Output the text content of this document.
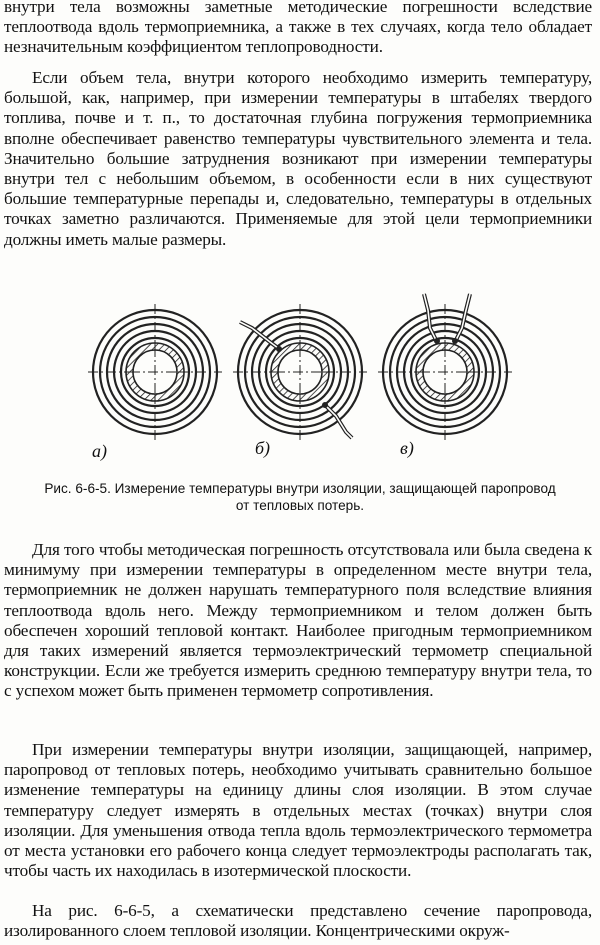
внутри тела возможны заметные методические погрешности вследствие теплоотвода вдоль термоприемника, а также в тех случаях, когда тело обладает незначительным коэффициентом теплопроводности.
Если объем тела, внутри которого необходимо измерить температуру, большой, как, например, при измерении температуры в штабелях твердого топлива, почве и т. п., то достаточная глубина погружения термоприемника вполне обеспечивает равенство температуры чувствительного элемента и тела. Значительно большие затруднения возникают при измерении температуры внутри тел с небольшим объемом, в особенности если в них существуют большие температурные перепады и, следовательно, температуры в отдельных точках заметно различаются. Применяемые для этой цели термоприемники должны иметь малые размеры.
а)	б)	в)
Рис. 6-6-5. Измерение температуры внутри изоляции, защищающей паропровод от тепловых потерь.
Для того чтобы методическая погрешность отсутствовала или была сведена к минимуму при измерении температуры в определенном месте внутри тела, термоприемник не должен нарушать температурного поля вследствие влияния теплоотвода вдоль него. Между термоприемником и телом должен быть обеспечен хороший тепловой контакт. Наиболее пригодным термоприемником для таких измерений является термоэлектрический термометр специальной конструкции. Если же требуется измерить среднюю температуру внутри тела, то с успехом может быть применен термометр сопротивления.
При измерении температуры внутри изоляции, защищающей, например, паропровод от тепловых потерь, необходимо учитывать сравнительно большое изменение температуры на единицу длины слоя изоляции. В этом случае температуру следует измерять в отдельных местах (точках) внутри слоя изоляции. Для уменьшения отвода тепла вдоль термоэлектрического термометра от места установки его рабочего конца следует термоэлектроды располагать так, чтобы часть их находилась в изотермической плоскости.
На рис. 6-6-5, а схематически представлено сечение паропровода, изолированного слоем тепловой изоляции. Концентрическими окруж-
